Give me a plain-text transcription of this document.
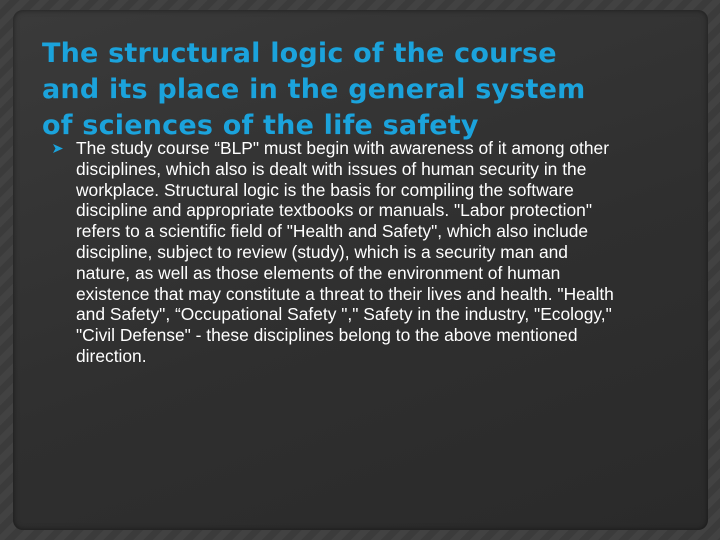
The structural logic of the course and its place in the general system of sciences of the life safety
The study course “BLP" must begin with awareness of it among other disciplines, which also is dealt with issues of human security in the workplace. Structural logic is the basis for compiling the software discipline and appropriate textbooks or manuals. "Labor protection" refers to a scientific field of "Health and Safety", which also include discipline, subject to review (study), which is a security man and nature, as well as those elements of the environment of human existence that may constitute a threat to their lives and health. "Health and Safety", “Occupational Safety "," Safety in the industry, "Ecology," "Civil Defense" - these disciplines belong to the above mentioned direction.
